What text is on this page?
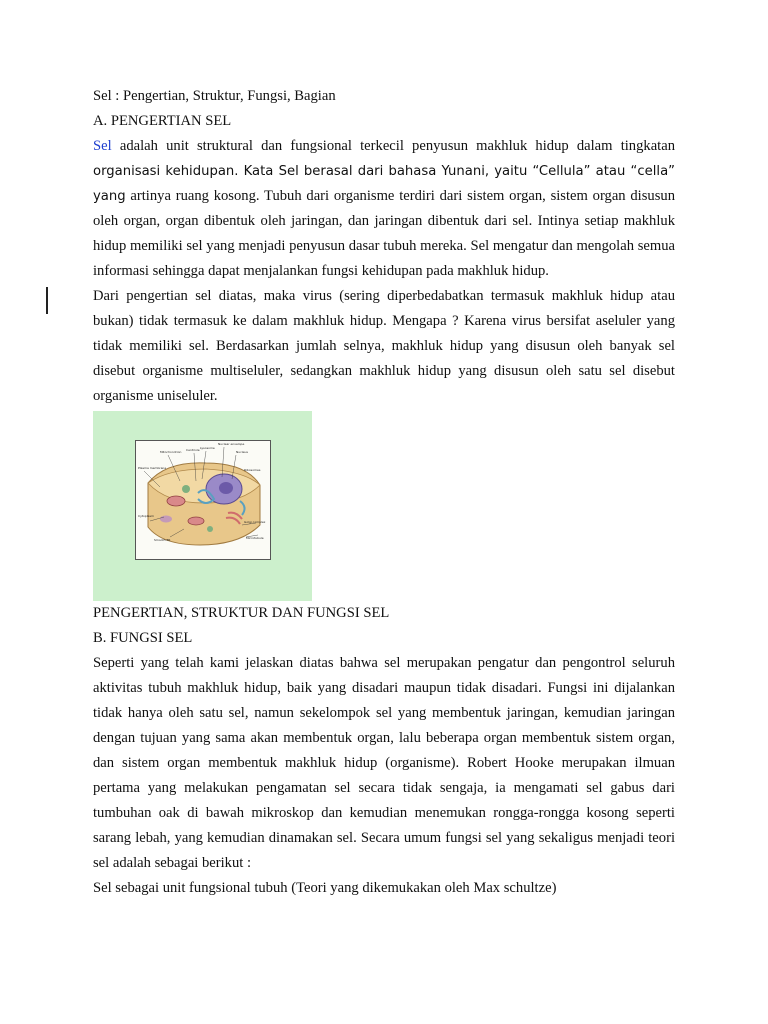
Sel : Pengertian, Struktur, Fungsi, Bagian

A. PENGERTIAN SEL

Sel adalah unit struktural dan fungsional terkecil penyusun makhluk hidup dalam tingkatan organisasi kehidupan. Kata Sel berasal dari bahasa Yunani, yaitu “Cellula” atau “cella” yang artinya ruang kosong. Tubuh dari organisme terdiri dari sistem organ, sistem organ disusun oleh organ, organ dibentuk oleh jaringan, dan jaringan dibentuk dari sel. Intinya setiap makhluk hidup memiliki sel yang menjadi penyusun dasar tubuh mereka. Sel mengatur dan mengolah semua informasi sehingga dapat menjalankan fungsi kehidupan pada makhluk hidup.

Dari pengertian sel diatas, maka virus (sering diperbedabatkan termasuk makhluk hidup atau bukan) tidak termasuk ke dalam makhluk hidup. Mengapa ? Karena virus bersifat aseluler yang tidak memiliki sel. Berdasarkan jumlah selnya, makhluk hidup yang disusun oleh banyak sel disebut organisme multiseluler, sedangkan makhluk hidup yang disusun oleh satu sel disebut organisme uniseluler.

Mitochondrion Centriole Lysosome
Nuclear envelope
Nucleus
Plasma membrane
Cytoplasm
Ribosomes
Golgi complex
Microtubule
Smooth ER

PENGERTIAN, STRUKTUR DAN FUNGSI SEL

B. FUNGSI SEL

Seperti yang telah kami jelaskan diatas bahwa sel merupakan pengatur dan pengontrol seluruh aktivitas tubuh makhluk hidup, baik yang disadari maupun tidak disadari. Fungsi ini dijalankan tidak hanya oleh satu sel, namun sekelompok sel yang membentuk jaringan, kemudian jaringan dengan tujuan yang sama akan membentuk organ, lalu beberapa organ membentuk sistem organ, dan sistem organ membentuk makhluk hidup (organisme). Robert Hooke merupakan ilmuan pertama yang melakukan pengamatan sel secara tidak sengaja, ia mengamati sel gabus dari tumbuhan oak di bawah mikroskop dan kemudian menemukan rongga-rongga kosong seperti sarang lebah, yang kemudian dinamakan sel. Secara umum fungsi sel yang sekaligus menjadi teori sel adalah sebagai berikut :

Sel sebagai unit fungsional tubuh (Teori yang dikemukakan oleh Max schultze)
